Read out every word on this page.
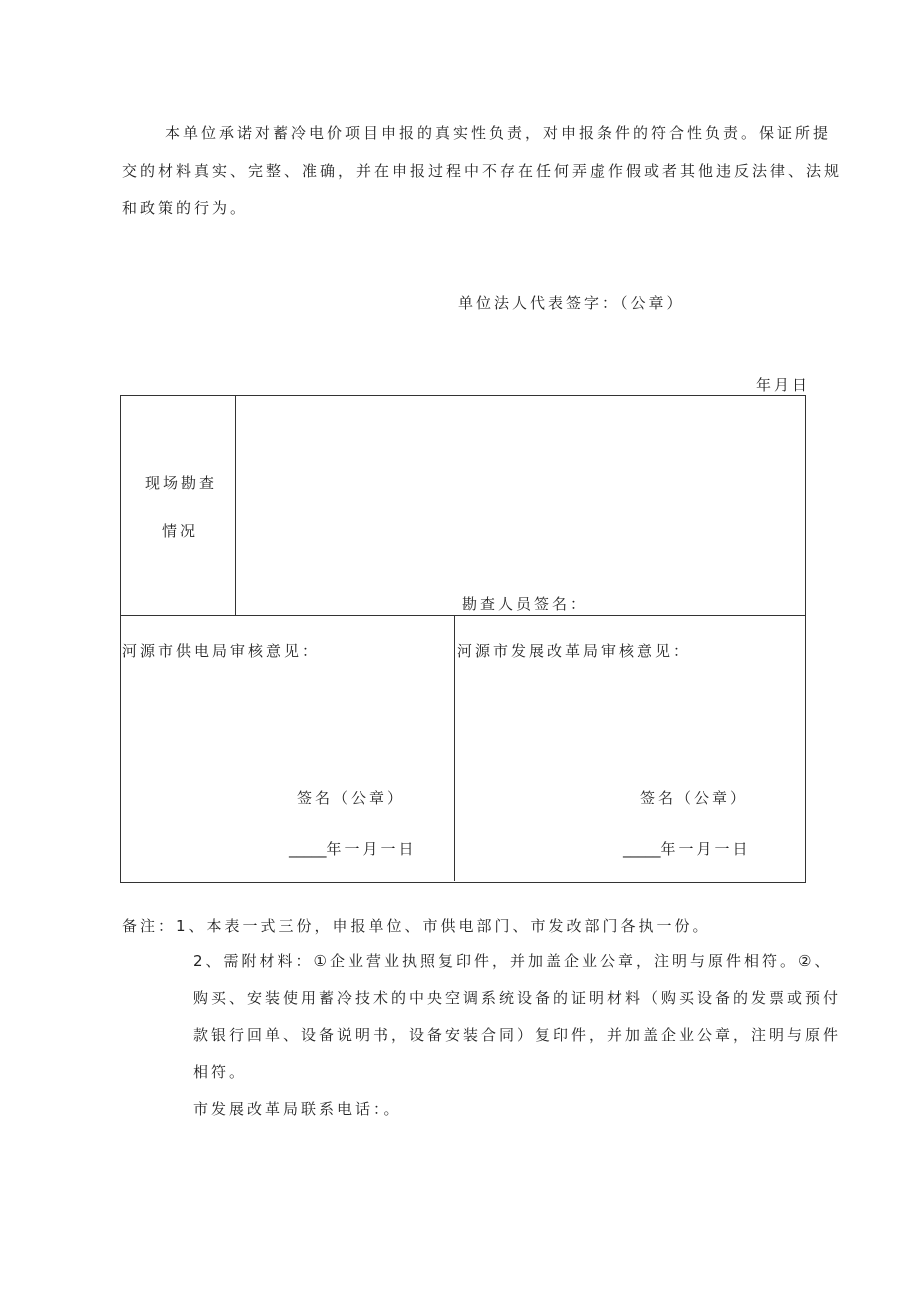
本单位承诺对蓄冷电价项目申报的真实性负责，对申报条件的符合性负责。保证所提
交的材料真实、完整、准确，并在申报过程中不存在任何弄虚作假或者其他违反法律、法规
和政策的行为。
单位法人代表签字：（公章）
年月日
现场勘查
情况
勘查人员签名：
河源市供电局审核意见：
签名（公章）
_____年一月一日
河源市发展改革局审核意见：
签名（公章）
_____年一月一日
备注：1、本表一式三份，申报单位、市供电部门、市发改部门各执一份。
2、需附材料：①企业营业执照复印件，并加盖企业公章，注明与原件相符。②、
购买、安装使用蓄冷技术的中央空调系统设备的证明材料（购买设备的发票或预付
款银行回单、设备说明书，设备安装合同）复印件，并加盖企业公章，注明与原件
相符。
市发展改革局联系电话：。
